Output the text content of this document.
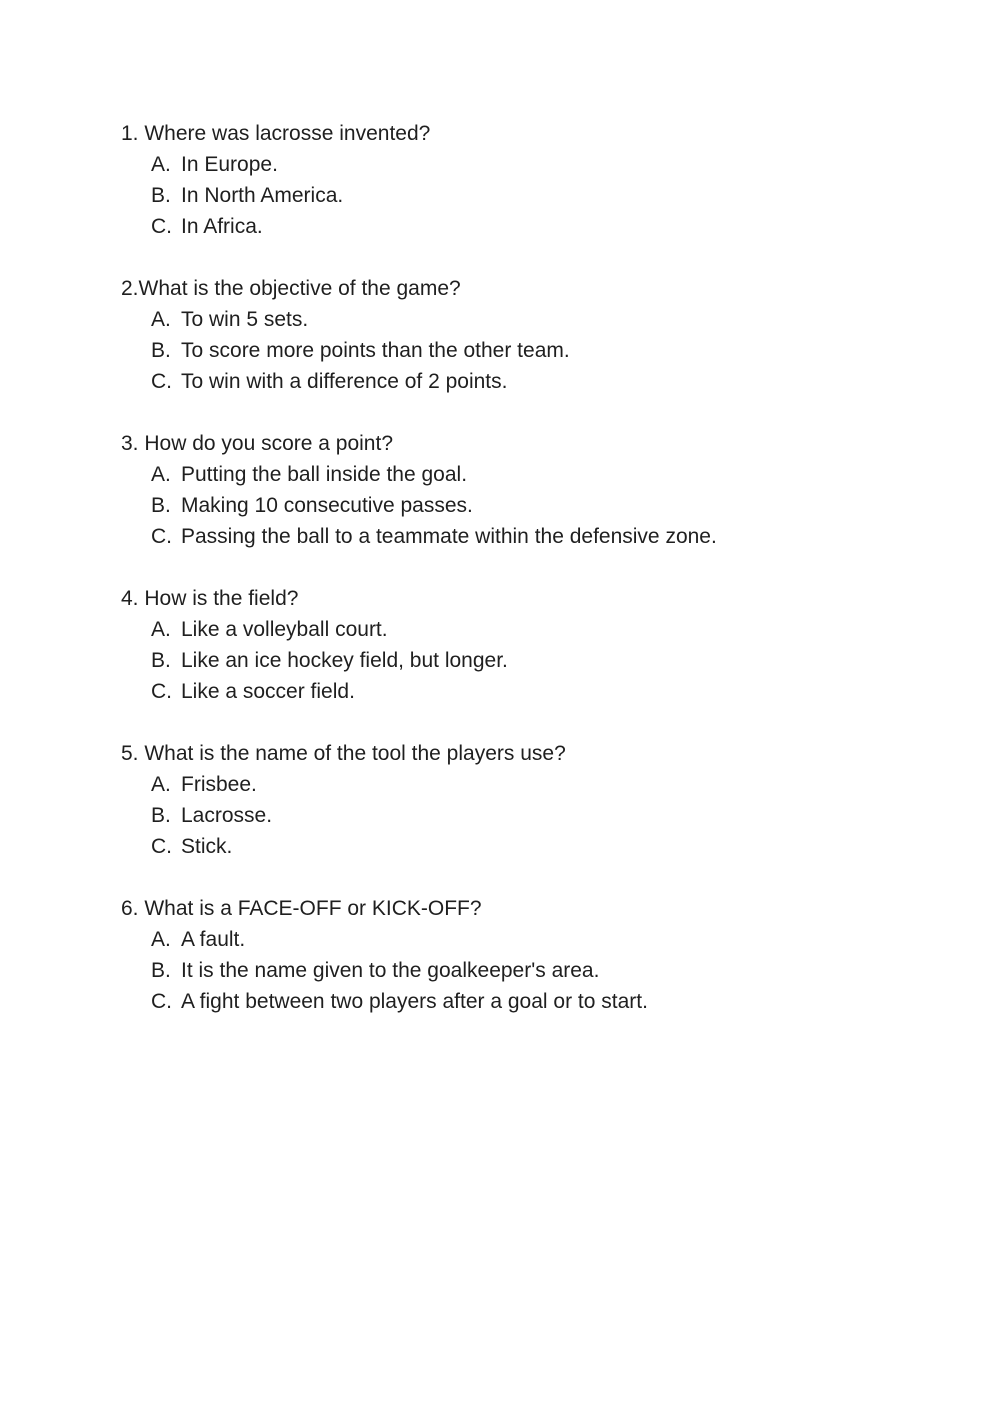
1. Where was lacrosse invented?
A. In Europe.
B. In North America.
C. In Africa.
2.What is the objective of the game?
A. To win 5 sets.
B. To score more points than the other team.
C. To win with a difference of 2 points.
3. How do you score a point?
A. Putting the ball inside the goal.
B. Making 10 consecutive passes.
C. Passing the ball to a teammate within the defensive zone.
4. How is the field?
A. Like a volleyball court.
B. Like an ice hockey field, but longer.
C. Like a soccer field.
5. What is the name of the tool the players use?
A. Frisbee.
B. Lacrosse.
C. Stick.
6. What is a FACE-OFF or KICK-OFF?
A. A fault.
B. It is the name given to the goalkeeper's area.
C. A fight between two players after a goal or to start.
